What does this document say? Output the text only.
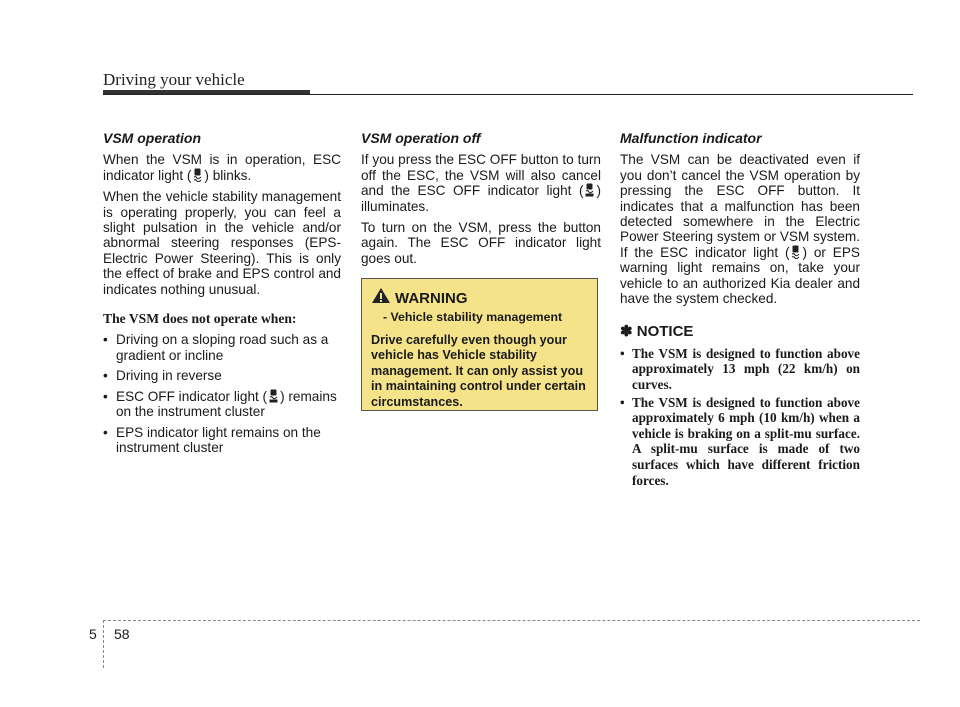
Driving your vehicle
VSM operation

When the VSM is in operation, ESC indicator light ( ) blinks.

When the vehicle stability management is operating properly, you can feel a slight pulsation in the vehicle and/or abnormal steering responses (EPS- Electric Power Steering). This is only the effect of brake and EPS control and indicates nothing unusual.

The VSM does not operate when:
• Driving on a sloping road such as a gradient or incline
• Driving in reverse
• ESC OFF indicator light ( ) remains on the instrument cluster
• EPS indicator light remains on the instrument cluster
VSM operation off

If you press the ESC OFF button to turn off the ESC, the VSM will also cancel and the ESC OFF indicator light ( ) illuminates.

To turn on the VSM, press the button again. The ESC OFF indicator light goes out.

WARNING
- Vehicle stability management
Drive carefully even though your vehicle has Vehicle stability management. It can only assist you in maintaining control under certain circumstances.
Malfunction indicator

The VSM can be deactivated even if you don’t cancel the VSM operation by pressing the ESC OFF button. It indicates that a malfunction has been detected somewhere in the Electric Power Steering system or VSM system. If the ESC indicator light ( ) or EPS warning light remains on, take your vehicle to an authorized Kia dealer and have the system checked.

✽ NOTICE
• The VSM is designed to function above approximately 13 mph (22 km/h) on curves.
• The VSM is designed to function above approximately 6 mph (10 km/h) when a vehicle is braking on a split-mu surface. A split-mu surface is made of two surfaces which have different friction forces.
5 58
